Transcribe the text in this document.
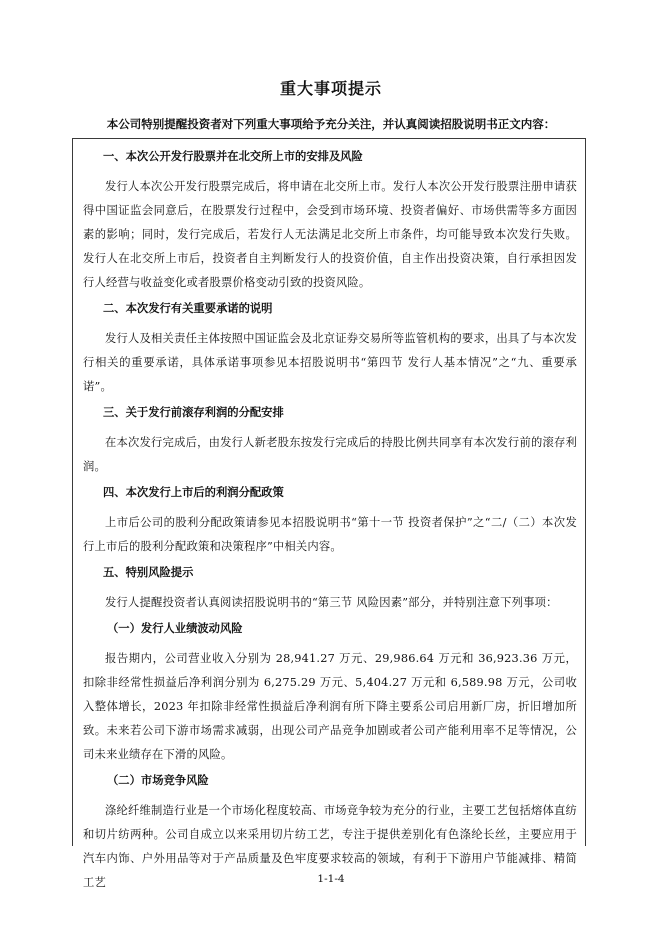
重大事项提示
本公司特别提醒投资者对下列重大事项给予充分关注，并认真阅读招股说明书正文内容：
一、本次公开发行股票并在北交所上市的安排及风险
发行人本次公开发行股票完成后，将申请在北交所上市。发行人本次公开发行股票注册申请获得中国证监会同意后，在股票发行过程中，会受到市场环境、投资者偏好、市场供需等多方面因素的影响；同时，发行完成后，若发行人无法满足北交所上市条件，均可能导致本次发行失败。发行人在北交所上市后，投资者自主判断发行人的投资价值，自主作出投资决策，自行承担因发行人经营与收益变化或者股票价格变动引致的投资风险。
二、本次发行有关重要承诺的说明
发行人及相关责任主体按照中国证监会及北京证券交易所等监管机构的要求，出具了与本次发行相关的重要承诺，具体承诺事项参见本招股说明书“第四节 发行人基本情况”之“九、重要承诺”。
三、关于发行前滚存利润的分配安排
在本次发行完成后，由发行人新老股东按发行完成后的持股比例共同享有本次发行前的滚存利润。
四、本次发行上市后的利润分配政策
上市后公司的股利分配政策请参见本招股说明书“第十一节 投资者保护”之“二/（二）本次发行上市后的股利分配政策和决策程序”中相关内容。
五、特别风险提示
发行人提醒投资者认真阅读招股说明书的“第三节 风险因素”部分，并特别注意下列事项：
（一）发行人业绩波动风险
报告期内，公司营业收入分别为 28,941.27 万元、29,986.64 万元和 36,923.36 万元，扣除非经常性损益后净利润分别为 6,275.29 万元、5,404.27 万元和 6,589.98 万元，公司收入整体增长，2023 年扣除非经常性损益后净利润有所下降主要系公司启用新厂房，折旧增加所致。未来若公司下游市场需求减弱，出现公司产品竞争加剧或者公司产能利用率不足等情况，公司未来业绩存在下滑的风险。
（二）市场竞争风险
涤纶纤维制造行业是一个市场化程度较高、市场竞争较为充分的行业，主要工艺包括熔体直纺和切片纺两种。公司自成立以来采用切片纺工艺，专注于提供差别化有色涤纶长丝，主要应用于汽车内饰、户外用品等对于产品质量及色牢度要求较高的领域，有利于下游用户节能减排、精简工艺	1-1-4
